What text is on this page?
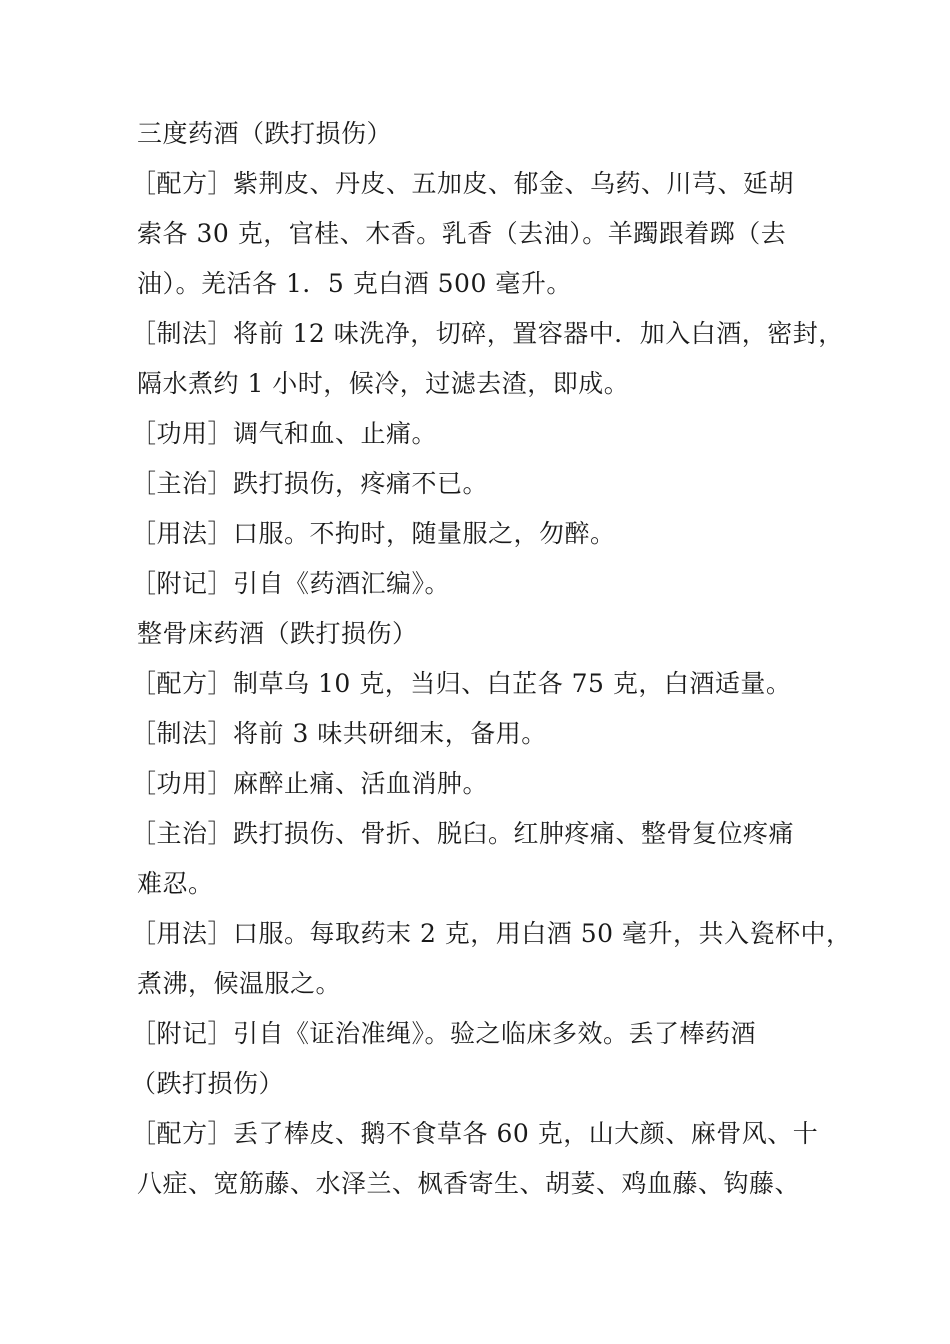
三度药酒（跌打损伤）
［配方］紫荆皮、丹皮、五加皮、郁金、乌药、川芎、延胡
索各 30 克，官桂、木香。乳香（去油）。羊躅跟着踯（去
油）。羌活各 1．5 克白酒 500 毫升。
［制法］将前 12 味洗净，切碎，置容器中．加入白酒，密封，
隔水煮约 1 小时，候冷，过滤去渣，即成。
［功用］调气和血、止痛。
［主治］跌打损伤，疼痛不已。
［用法］口服。不拘时，随量服之，勿醉。
［附记］引自《药酒汇编》。
整骨床药酒（跌打损伤）
［配方］制草乌 10 克，当归、白芷各 75 克，白酒适量。
［制法］将前 3 味共研细末，备用。
［功用］麻醉止痛、活血消肿。
［主治］跌打损伤、骨折、脱臼。红肿疼痛、整骨复位疼痛
难忍。
［用法］口服。每取药末 2 克，用白酒 50 毫升，共入瓷杯中，
煮沸，候温服之。
［附记］引自《证治准绳》。验之临床多效。丢了棒药酒
（跌打损伤）
［配方］丢了棒皮、鹅不食草各 60 克，山大颜、麻骨风、十
八症、宽筋藤、水泽兰、枫香寄生、胡荽、鸡血藤、钩藤、
